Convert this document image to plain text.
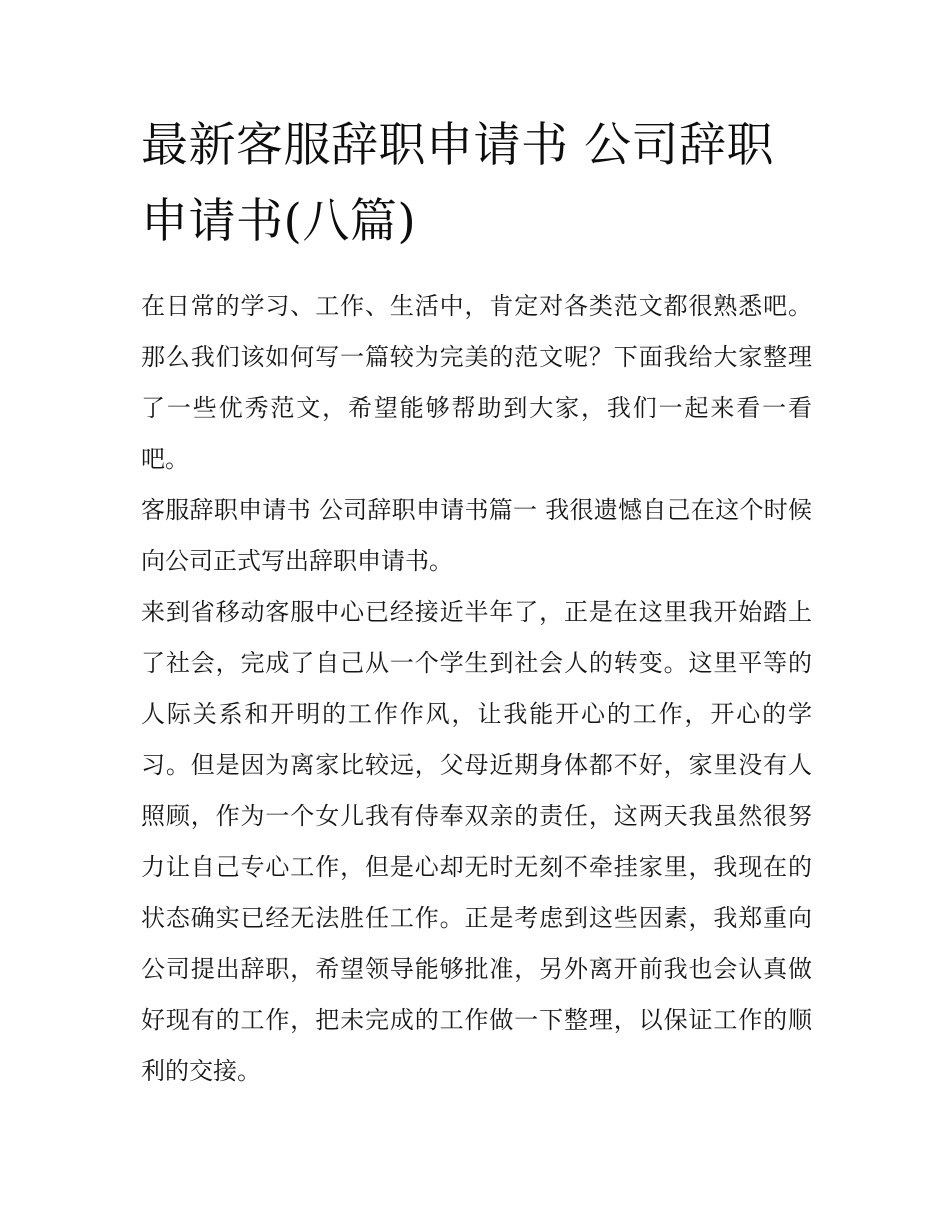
最新客服辞职申请书 公司辞职申请书(八篇)

在日常的学习、工作、生活中，肯定对各类范文都很熟悉吧。那么我们该如何写一篇较为完美的范文呢？下面我给大家整理了一些优秀范文，希望能够帮助到大家，我们一起来看一看吧。

客服辞职申请书 公司辞职申请书篇一 我很遗憾自己在这个时候向公司正式写出辞职申请书。

来到省移动客服中心已经接近半年了，正是在这里我开始踏上了社会，完成了自己从一个学生到社会人的转变。这里平等的人际关系和开明的工作作风，让我能开心的工作，开心的学习。但是因为离家比较远，父母近期身体都不好，家里没有人照顾，作为一个女儿我有侍奉双亲的责任，这两天我虽然很努力让自己专心工作，但是心却无时无刻不牵挂家里，我现在的状态确实已经无法胜任工作。正是考虑到这些因素，我郑重向公司提出辞职，希望领导能够批准，另外离开前我也会认真做好现有的工作，把未完成的工作做一下整理，以保证工作的顺利的交接。
